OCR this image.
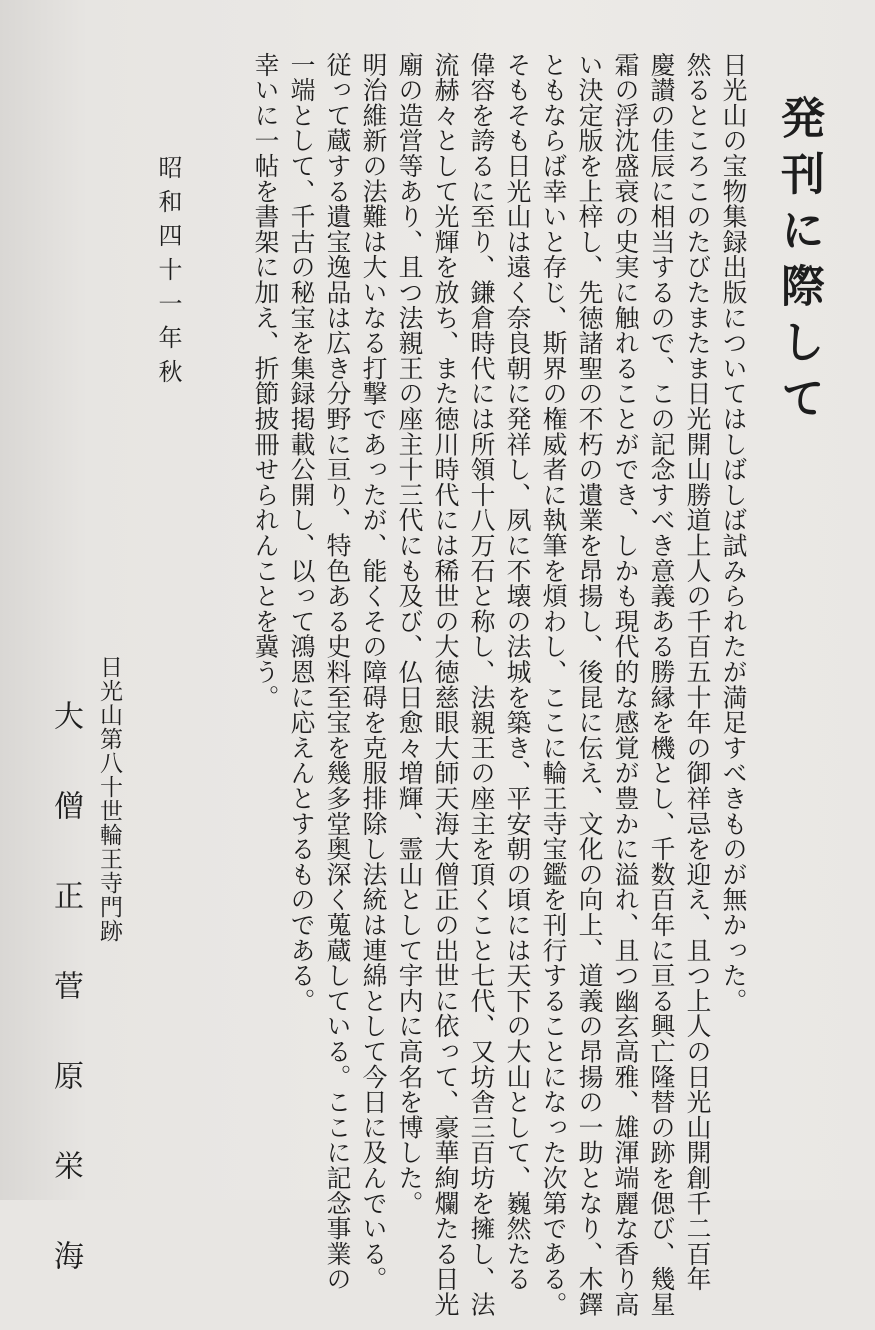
発刊に際して
日光山の宝物集録出版についてはしばしば試みられたが満足すべきものが無かった。
然るところこのたびたまたま日光開山勝道上人の千百五十年の御祥忌を迎え、且つ上人の日光山開創千二百年
慶讃の佳辰に相当するので、この記念すべき意義ある勝縁を機とし、千数百年に亘る興亡隆替の跡を偲び、幾星
霜の浮沈盛衰の史実に触れることができ、しかも現代的な感覚が豊かに溢れ、且つ幽玄高雅、雄渾端麗な香り高
い決定版を上梓し、先徳諸聖の不朽の遺業を昂揚し、後昆に伝え、文化の向上、道義の昂揚の一助となり、木鐸
ともならば幸いと存じ、斯界の権威者に執筆を煩わし、ここに輪王寺宝鑑を刊行することになった次第である。
そもそも日光山は遠く奈良朝に発祥し、夙に不壊の法城を築き、平安朝の頃には天下の大山として、巍然たる
偉容を誇るに至り、鎌倉時代には所領十八万石と称し、法親王の座主を頂くこと七代、又坊舎三百坊を擁し、法
流赫々として光輝を放ち、また徳川時代には稀世の大徳慈眼大師天海大僧正の出世に依って、豪華絢爛たる日光
廟の造営等あり、且つ法親王の座主十三代にも及び、仏日愈々増輝、霊山として宇内に高名を博した。
明治維新の法難は大いなる打撃であったが、能くその障碍を克服排除し法統は連綿として今日に及んでいる。
従って蔵する遺宝逸品は広き分野に亘り、特色ある史料至宝を幾多堂奥深く蒐蔵している。ここに記念事業の
一端として、千古の秘宝を集録掲載公開し、以って鴻恩に応えんとするものである。
幸いに一帖を書架に加え、折節披冊せられんことを冀う。
昭和四十一年秋
日光山第八十世輪王寺門跡
大僧正菅原栄海
